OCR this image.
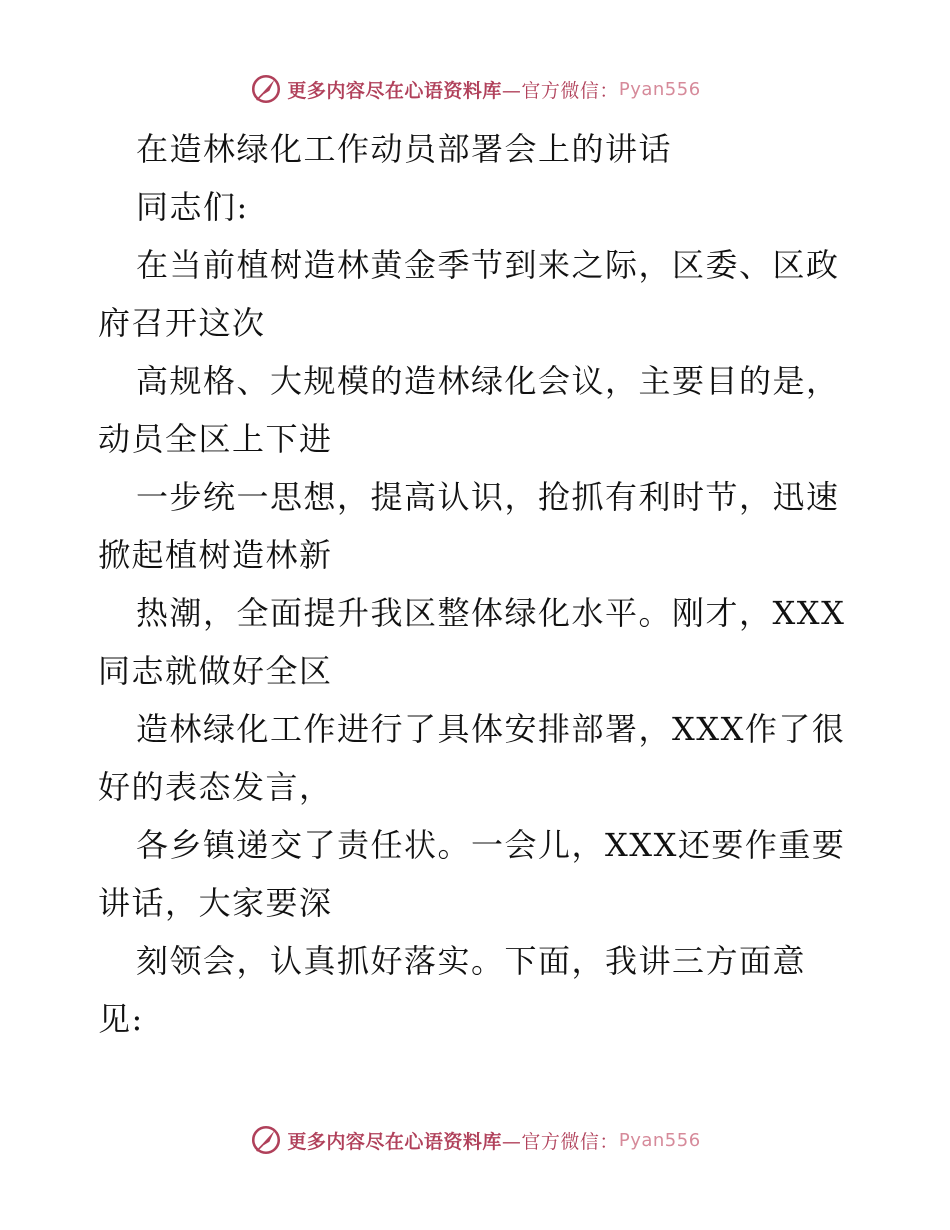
更多内容尽在心语资料库 —官方微信： Pyan556
在造林绿化工作动员部署会上的讲话
同志们:
在当前植树造林黄金季节到来之际，区委、区政
府召开这次
高规格、大规模的造林绿化会议，主要目的是，
动员全区上下进
一步统一思想，提高认识，抢抓有利时节，迅速
掀起植树造林新
热潮，全面提升我区整体绿化水平。刚才，XXX
同志就做好全区
造林绿化工作进行了具体安排部署，XXX作了很
好的表态发言，
各乡镇递交了责任状。一会儿，XXX还要作重要
讲话，大家要深
刻领会，认真抓好落实。下面，我讲三方面意
见:
更多内容尽在心语资料库 —官方微信： Pyan556
